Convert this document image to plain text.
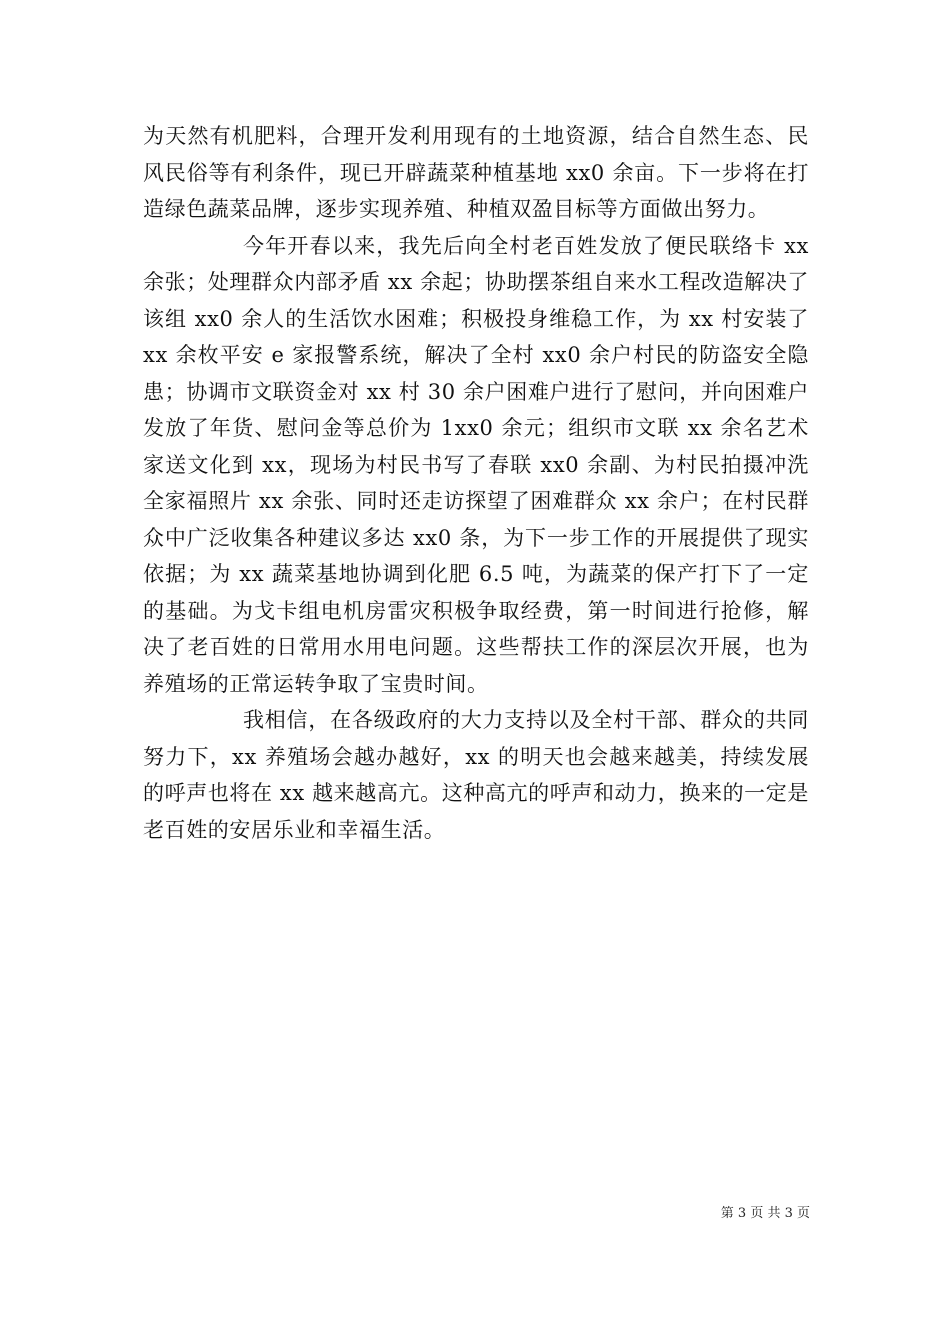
为天然有机肥料，合理开发利用现有的土地资源，结合自然生态、民风民俗等有利条件，现已开辟蔬菜种植基地 xx0 余亩。下一步将在打造绿色蔬菜品牌，逐步实现养殖、种植双盈目标等方面做出努力。

今年开春以来，我先后向全村老百姓发放了便民联络卡 xx 余张；处理群众内部矛盾 xx 余起；协助摆茶组自来水工程改造解决了该组 xx0 余人的生活饮水困难；积极投身维稳工作，为 xx 村安装了 xx 余枚平安 e 家报警系统，解决了全村 xx0 余户村民的防盗安全隐患；协调市文联资金对 xx 村 30 余户困难户进行了慰问，并向困难户发放了年货、慰问金等总价为 1xx0 余元；组织市文联 xx 余名艺术家送文化到 xx，现场为村民书写了春联 xx0 余副、为村民拍摄冲洗全家福照片 xx 余张、同时还走访探望了困难群众 xx 余户；在村民群众中广泛收集各种建议多达 xx0 条，为下一步工作的开展提供了现实依据；为 xx 蔬菜基地协调到化肥 6.5 吨，为蔬菜的保产打下了一定的基础。为戈卡组电机房雷灾积极争取经费，第一时间进行抢修，解决了老百姓的日常用水用电问题。这些帮扶工作的深层次开展，也为养殖场的正常运转争取了宝贵时间。

我相信，在各级政府的大力支持以及全村干部、群众的共同努力下，xx 养殖场会越办越好，xx 的明天也会越来越美，持续发展的呼声也将在 xx 越来越高亢。这种高亢的呼声和动力，换来的一定是老百姓的安居乐业和幸福生活。

第 3 页 共 3 页
